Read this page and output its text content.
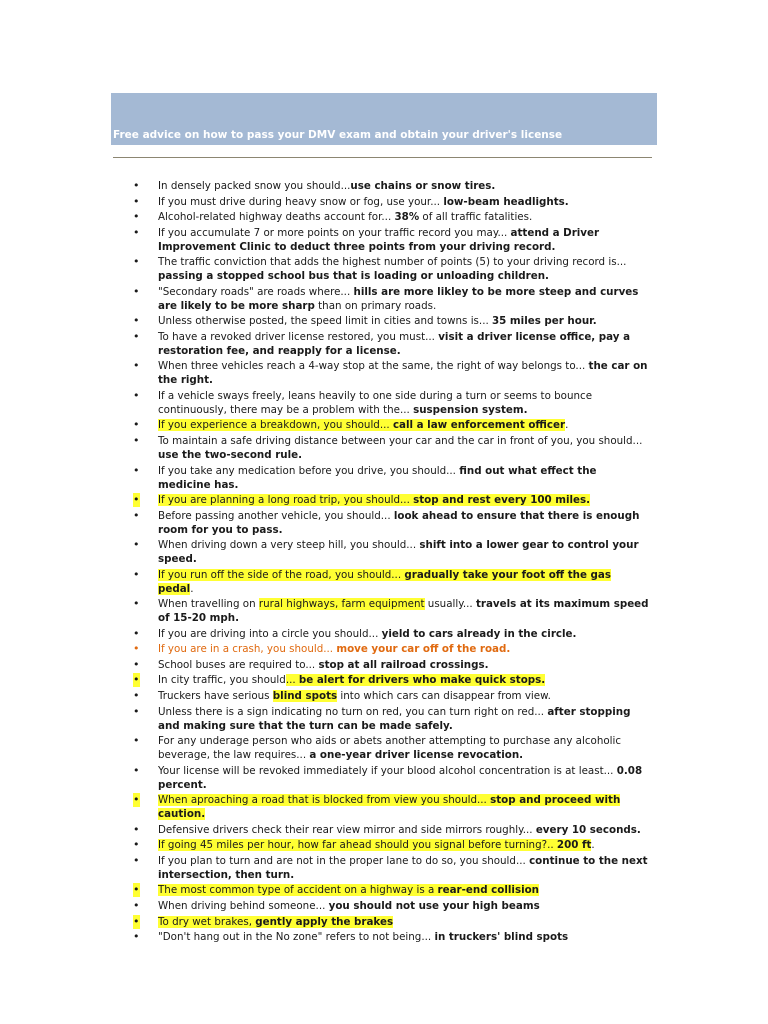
Free advice on how to pass your DMV exam and obtain your driver's license
• In densely packed snow you should...use chains or snow tires.
• If you must drive during heavy snow or fog, use your... low-beam headlights.
• Alcohol-related highway deaths account for... 38% of all traffic fatalities.
• If you accumulate 7 or more points on your traffic record you may... attend a Driver Improvement Clinic to deduct three points from your driving record.
• The traffic conviction that adds the highest number of points (5) to your driving record is... passing a stopped school bus that is loading or unloading children.
• "Secondary roads" are roads where... hills are more likley to be more steep and curves are likely to be more sharp than on primary roads.
• Unless otherwise posted, the speed limit in cities and towns is... 35 miles per hour.
• To have a revoked driver license restored, you must... visit a driver license office, pay a restoration fee, and reapply for a license.
• When three vehicles reach a 4-way stop at the same, the right of way belongs to... the car on the right.
• If a vehicle sways freely, leans heavily to one side during a turn or seems to bounce continuously, there may be a problem with the... suspension system.
• If you experience a breakdown, you should... call a law enforcement officer.
• To maintain a safe driving distance between your car and the car in front of you, you should... use the two-second rule.
• If you take any medication before you drive, you should... find out what effect the medicine has.
• If you are planning a long road trip, you should... stop and rest every 100 miles.
• Before passing another vehicle, you should... look ahead to ensure that there is enough room for you to pass.
• When driving down a very steep hill, you should... shift into a lower gear to control your speed.
• If you run off the side of the road, you should... gradually take your foot off the gas pedal.
• When travelling on rural highways, farm equipment usually... travels at its maximum speed of 15-20 mph.
• If you are driving into a circle you should... yield to cars already in the circle.
• If you are in a crash, you should... move your car off of the road.
• School buses are required to... stop at all railroad crossings.
• In city traffic, you should... be alert for drivers who make quick stops.
• Truckers have serious blind spots into which cars can disappear from view.
• Unless there is a sign indicating no turn on red, you can turn right on red... after stopping and making sure that the turn can be made safely.
• For any underage person who aids or abets another attempting to purchase any alcoholic beverage, the law requires... a one-year driver license revocation.
• Your license will be revoked immediately if your blood alcohol concentration is at least... 0.08 percent.
• When aproaching a road that is blocked from view you should... stop and proceed with caution.
• Defensive drivers check their rear view mirror and side mirrors roughly... every 10 seconds.
• If going 45 miles per hour, how far ahead should you signal before turning?.. 200 ft.
• If you plan to turn and are not in the proper lane to do so, you should... continue to the next intersection, then turn.
• The most common type of accident on a highway is a rear-end collision
• When driving behind someone... you should not use your high beams
• To dry wet brakes, gently apply the brakes
• "Don't hang out in the No zone" refers to not being... in truckers' blind spots
